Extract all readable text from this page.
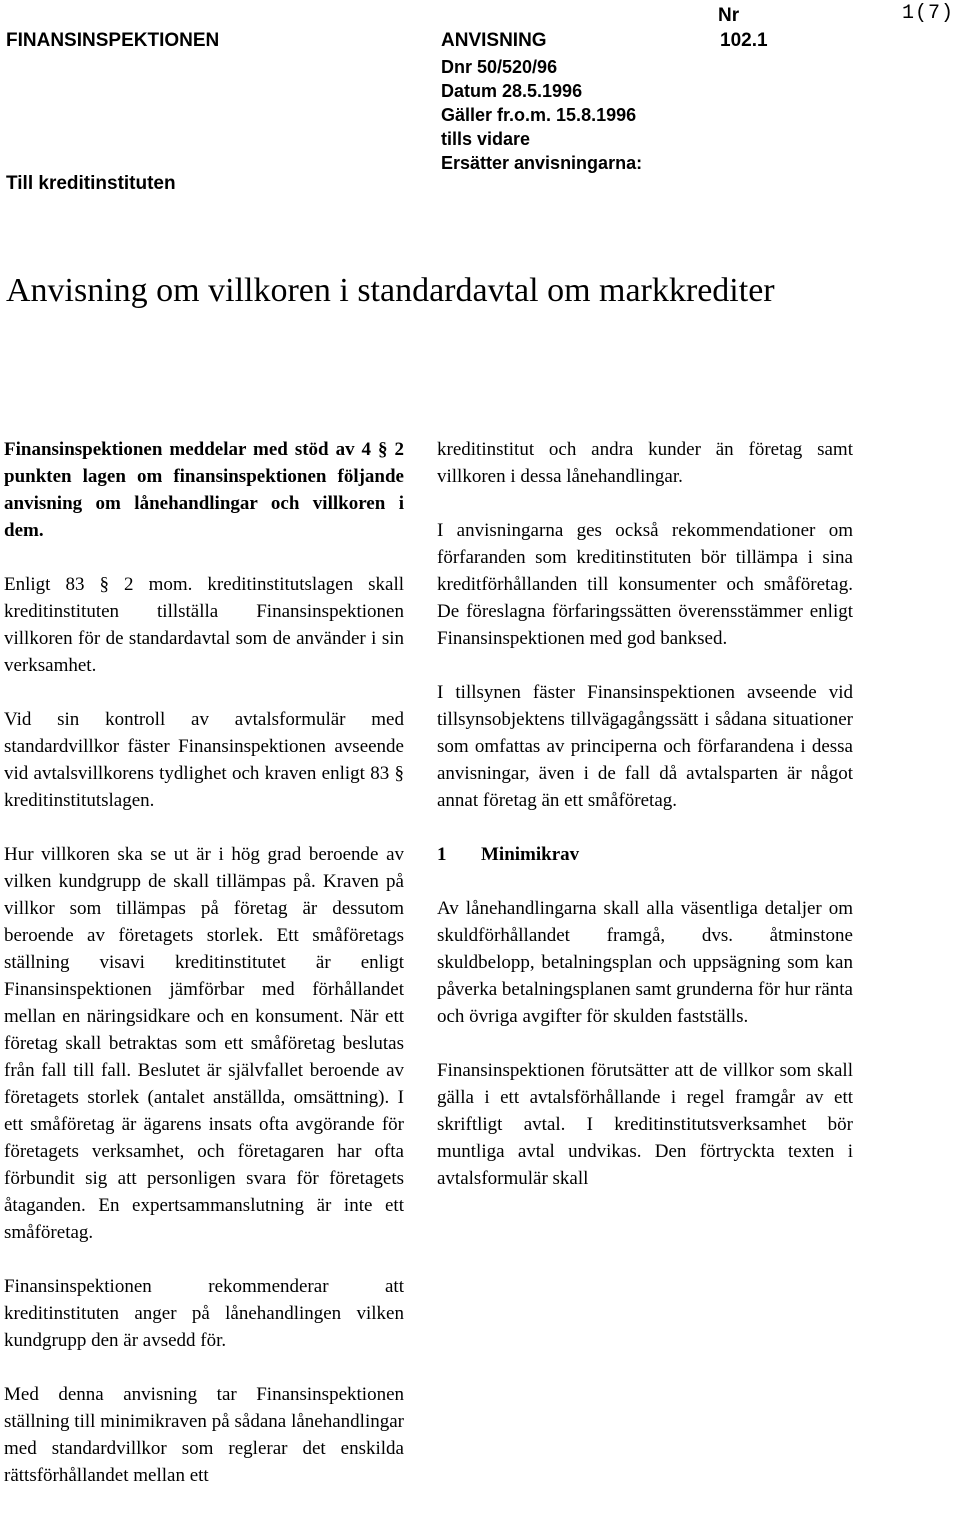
FINANSINSPEKTIONEN	ANVISNING
Nr
102.1
1(7)
Dnr 50/520/96
Datum 28.5.1996
Gäller fr.o.m. 15.8.1996
tills vidare
Ersätter anvisningarna:
Till kreditinstituten
Anvisning om villkoren i standardavtal om markkrediter

Finansinspektionen meddelar med stöd av 4 § 2 punkten lagen om finansinspektionen följande anvisning om lånehandlingar och villkoren i dem.

Enligt 83 § 2 mom. kreditinstitutslagen skall kreditinstituten tillställa Finansinspektionen villkoren för de standardavtal som de använder i sin verksamhet.

Vid sin kontroll av avtalsformulär med standardvillkor fäster Finansinspektionen avseende vid avtalsvillkorens tydlighet och kraven enligt 83 § kreditinstitutslagen.

Hur villkoren ska se ut är i hög grad beroende av vilken kundgrupp de skall tillämpas på. Kraven på villkor som tillämpas på företag är dessutom beroende av företagets storlek. Ett småföretags ställning visavi kreditinstitutet är enligt Finansinspektionen jämförbar med förhållandet mellan en näringsidkare och en konsument. När ett företag skall betraktas som ett småföretag beslutas från fall till fall. Beslutet är självfallet beroende av företagets storlek (antalet anställda, omsättning). I ett småföretag är ägarens insats ofta avgörande för företagets verksamhet, och företagaren har ofta förbundit sig att personligen svara för företagets åtaganden. En expertsammanslutning är inte ett småföretag.

Finansinspektionen rekommenderar att kreditinstituten anger på lånehandlingen vilken kundgrupp den är avsedd för.

Med denna anvisning tar Finansinspektionen ställning till minimikraven på sådana lånehandlingar med standardvillkor som reglerar det enskilda rättsförhållandet mellan ett

kreditinstitut och andra kunder än företag samt villkoren i dessa lånehandlingar.

I anvisningarna ges också rekommendationer om förfaranden som kreditinstituten bör tillämpa i sina kreditförhållanden till konsumenter och småföretag. De föreslagna förfaringssätten överensstämmer enligt Finansinspektionen med god banksed.

I tillsynen fäster Finansinspektionen avseende vid tillsynsobjektens tillvägagångssätt i sådana situationer som omfattas av principerna och förfarandena i dessa anvisningar, även i de fall då avtalsparten är något annat företag än ett småföretag.

1 Minimikrav

Av lånehandlingarna skall alla väsentliga detaljer om skuldförhållandet framgå, dvs. åtminstone skuldbelopp, betalningsplan och uppsägning som kan påverka betalningsplanen samt grunderna för hur ränta och övriga avgifter för skulden fastställs.

Finansinspektionen förutsätter att de villkor som skall gälla i ett avtalsförhållande i regel framgår av ett skriftligt avtal. I kreditinstitutsverksamhet bör muntliga avtal undvikas. Den förtryckta texten i avtalsformulär skall
